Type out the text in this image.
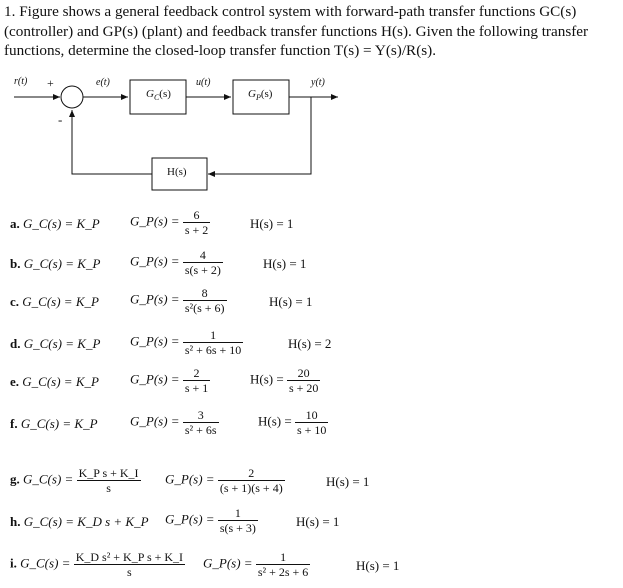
1. Figure shows a general feedback control system with forward-path transfer functions GC(s) (controller) and GP(s) (plant) and feedback transfer functions H(s). Given the following transfer functions, determine the closed-loop transfer function T(s) = Y(s)/R(s).
r(t) +
-
e(t)	u(t)	y(t)
$G_C(s)$	$G_P(s)$
H(s)
a. G_C(s) = K_P G_P(s) = $\frac{6}{s + 2}$	H(s) = 1
b. G_C(s) = K_P G_P(s) = $\frac{4}{s(s + 2)}$	H(s) = 1
c. G_C(s) = K_P G_P(s) = $\frac{8}{\text{s²(s + 6)}}$	H(s) = 1
d. G_C(s) = K_P G_P(s) = $\frac{1}{\text{s² + 6s + 10}}$	H(s) = 2
e. G_C(s) = K_P G_P(s) = $\frac{2}{s + 1}$	$H(s) = \frac{20}{s + 20}$
f. G_C(s) = K_P G_P(s) = $\frac{3}{\text{s² + 6s}}$	$H(s) = \frac{10}{s + 10}$
g. G_C(s) = $\frac{\text{K\_P s + K\_I}}{s}$ G_P(s) = $\frac{2}{(s + 1)(s + 4)}$	H(s) = 1
h. G_C(s) = K_D s + K_P G_P(s) = $\frac{1}{s(s + 3)}$	H(s) = 1
i. G_C(s) = $\frac{\text{K\_D s² + K\_P s + K\_I}}{s}$ G_P(s) = $\frac{1}{\text{s² + 2s + 6}}$	H(s) = 1
